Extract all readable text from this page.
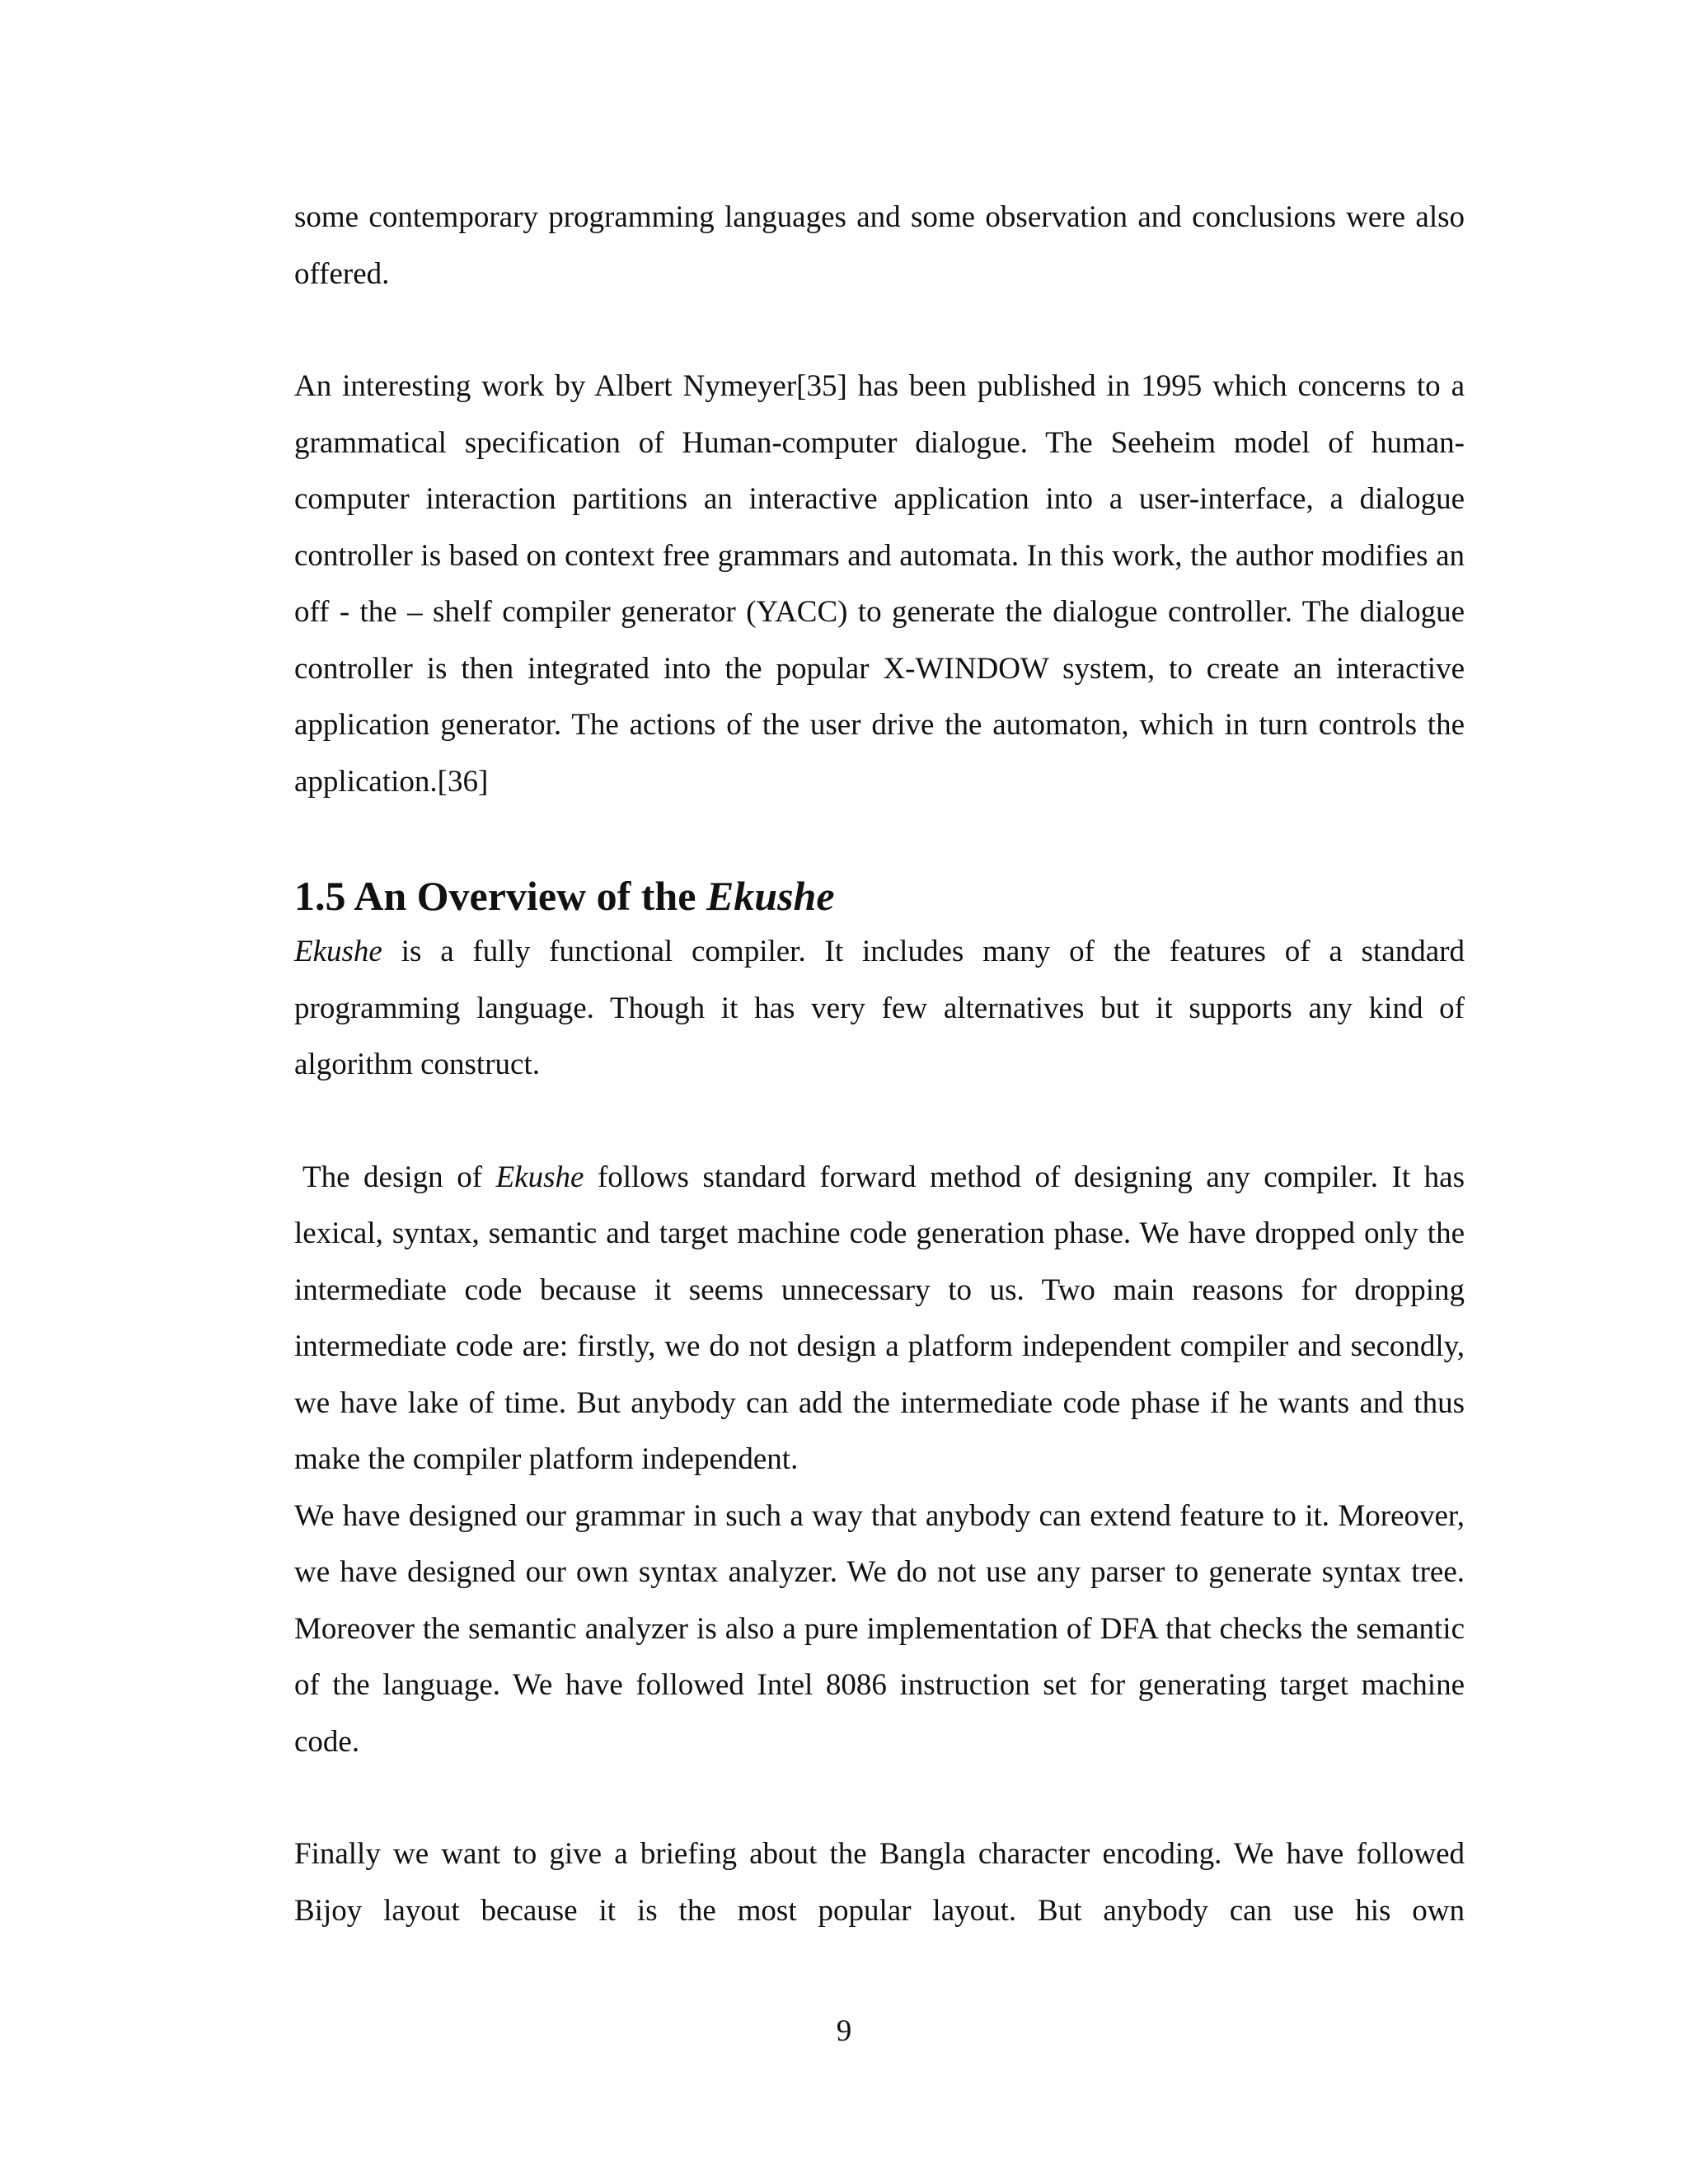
some contemporary programming languages and some observation and conclusions were also offered.

An interesting work by Albert Nymeyer[35] has been published in 1995 which concerns to a grammatical specification of Human-computer dialogue. The Seeheim model of human-computer interaction partitions an interactive application into a user-interface, a dialogue controller is based on context free grammars and automata. In this work, the author modifies an off - the – shelf compiler generator (YACC) to generate the dialogue controller. The dialogue controller is then integrated into the popular X-WINDOW system, to create an interactive application generator. The actions of the user drive the automaton, which in turn controls the application.[36]

1.5 An Overview of the Ekushe

Ekushe is a fully functional compiler. It includes many of the features of a standard programming language. Though it has very few alternatives but it supports any kind of algorithm construct.

The design of Ekushe follows standard forward method of designing any compiler. It has lexical, syntax, semantic and target machine code generation phase. We have dropped only the intermediate code because it seems unnecessary to us. Two main reasons for dropping intermediate code are: firstly, we do not design a platform independent compiler and secondly, we have lake of time. But anybody can add the intermediate code phase if he wants and thus make the compiler platform independent.

We have designed our grammar in such a way that anybody can extend feature to it. Moreover, we have designed our own syntax analyzer. We do not use any parser to generate syntax tree. Moreover the semantic analyzer is also a pure implementation of DFA that checks the semantic of the language. We have followed Intel 8086 instruction set for generating target machine code.

Finally we want to give a briefing about the Bangla character encoding. We have followed Bijoy layout because it is the most popular layout. But anybody can use his own

9
